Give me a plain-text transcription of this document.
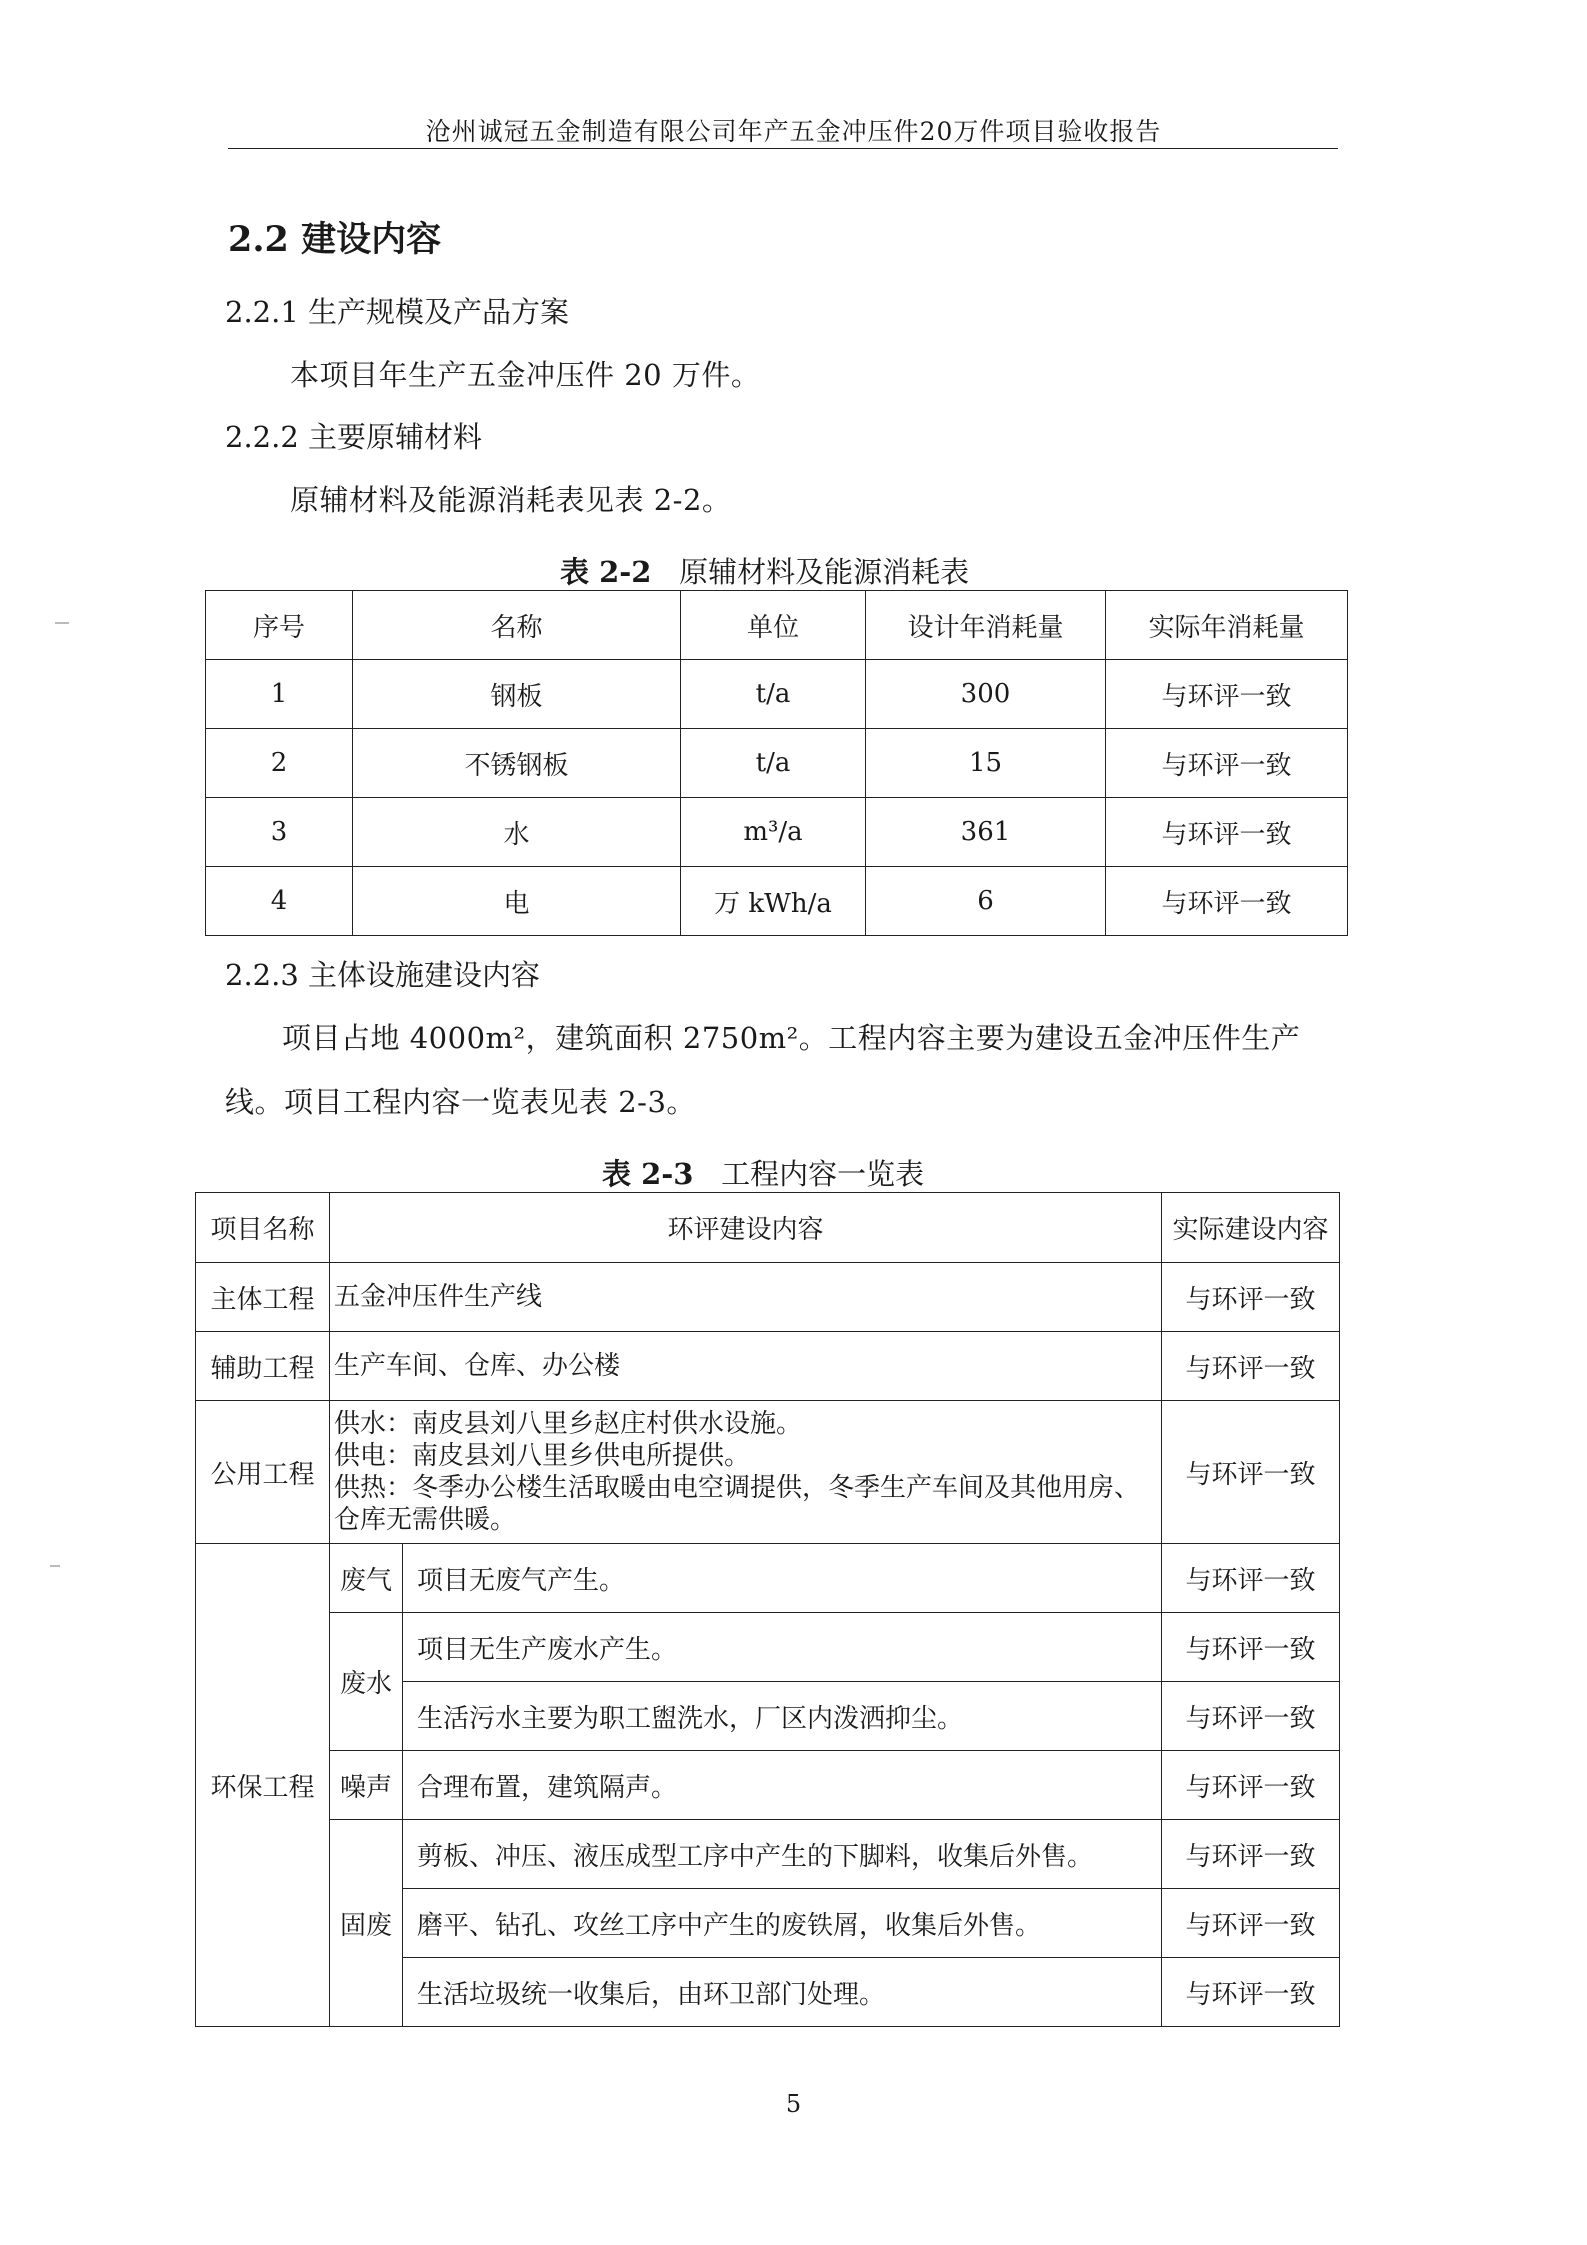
沧州诚冠五金制造有限公司年产五金冲压件20万件项目验收报告
2.2 建设内容
2.2.1 生产规模及产品方案
本项目年生产五金冲压件 20 万件。
2.2.2 主要原辅材料
原辅材料及能源消耗表见表 2-2。
表 2-2 原辅材料及能源消耗表
序号	名称	单位	设计年消耗量	实际年消耗量
1	钢板	t/a	300	与环评一致
2	不锈钢板	t/a	15	与环评一致
3	水	m³/a	361	与环评一致
4	电	万 kWh/a	6	与环评一致
2.2.3 主体设施建设内容
项目占地 4000m²，建筑面积 2750m²。工程内容主要为建设五金冲压件生产
线。项目工程内容一览表见表 2-3。
表 2-3 工程内容一览表
项目名称	环评建设内容		实际建设内容
主体工程	五金冲压件生产线		与环评一致
辅助工程	生产车间、仓库、办公楼		与环评一致
公用工程	供水：南皮县刘八里乡赵庄村供水设施。
供电：南皮县刘八里乡供电所提供。
供热：冬季办公楼生活取暖由电空调提供，冬季生产车间及其他用房、
仓库无需供暖。		与环评一致
环保工程	废气	项目无废气产生。	与环评一致
	废水	项目无生产废水产生。	与环评一致
		生活污水主要为职工盥洗水，厂区内泼洒抑尘。	与环评一致
	噪声	合理布置，建筑隔声。	与环评一致
	固废	剪板、冲压、液压成型工序中产生的下脚料，收集后外售。	与环评一致
		磨平、钻孔、攻丝工序中产生的废铁屑，收集后外售。	与环评一致
		生活垃圾统一收集后，由环卫部门处理。	与环评一致
5
